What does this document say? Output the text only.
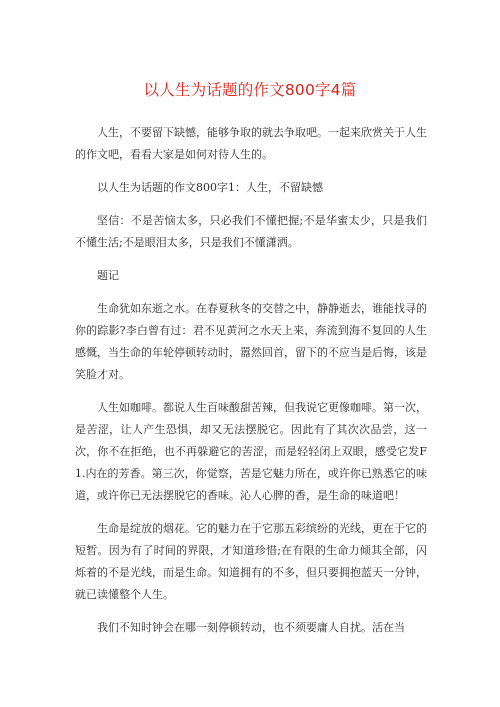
以人生为话题的作文800字4篇

人生，不要留下缺憾，能够争取的就去争取吧。一起来欣赏关于人生的作文吧，看看大家是如何对待人生的。

以人生为话题的作文800字1：人生，不留缺憾

坚信：不是苦恼太多，只必我们不懂把握;不是华蜜太少，只是我们不懂生活;不是眼泪太多，只是我们不懂潇洒。

题记

生命犹如东逝之水。在春夏秋冬的交替之中，静静逝去，谁能找寻的你的踪影?李白曾有过：君不见黄河之水天上来，奔流到海不复回的人生感慨，当生命的年轮停顿转动时，嚣然回首，留下的不应当是后悔，该是笑脸才对。

人生如咖啡。都说人生百味酸甜苦辣，但我说它更像咖啡。第一次，是苦涩，让人产生恐惧，却又无法摆脱它。因此有了其次次品尝，这一次，你不在拒绝，也不再躲避它的苦涩，而是轻轻闭上双眼，感受它发F1.内在的芳香。第三次，你觉察，苦是它魅力所在，或许你已熟悉它的味道，或许你已无法摆脱它的香味。沁人心脾的香，是生命的味道吧！

生命是绽放的烟花。它的魅力在于它那五彩缤纷的光线，更在于它的短暂。因为有了时间的界限，才知道珍惜;在有限的生命力倾其全部，闪烁着的不是光线，而是生命。知道拥有的不多，但只要拥抱蓝天一分钟，就已读懂整个人生。

我们不知时钟会在哪一刻停顿转动，也不须要庸人自扰。活在当
